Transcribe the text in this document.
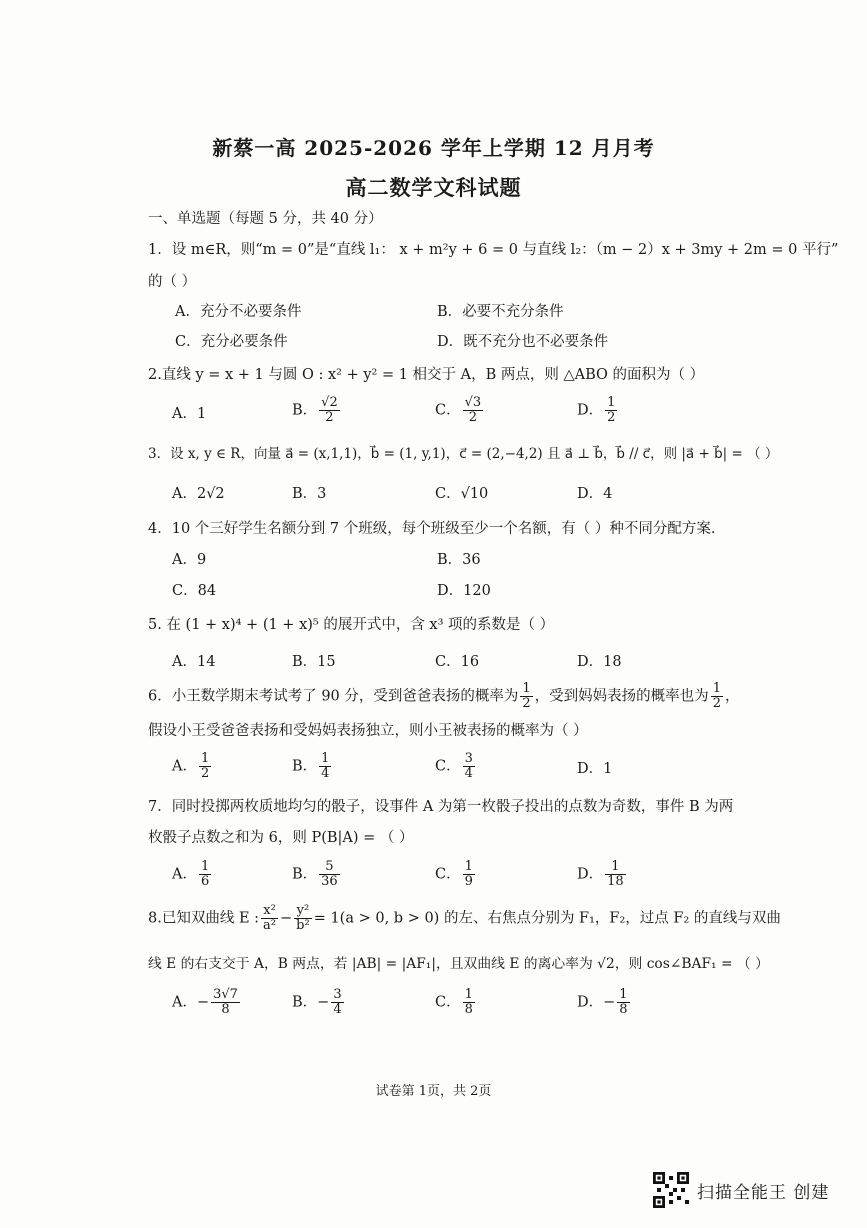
新蔡一高 2025-2026 学年上学期 12 月月考
高二数学文科试题
一、单选题（每题 5 分，共 40 分）
1．设 m∈R，则“m = 0”是“直线 l₁： x + m²y + 6 = 0 与直线 l₂：（m − 2）x + 3my + 2m = 0 平行”
的（ ）
A．充分不必要条件	B．必要不充分条件
C．充分必要条件	D．既不充分也不必要条件
2.直线 y = x + 1 与圆 O : x² + y² = 1 相交于 A，B 两点，则 △ABO 的面积为（ ）
A．1	B． $\frac{√2}{2}$	C． $\frac{√3}{2}$	D． $\frac{1}{2}$
3．设 x, y ∈ R，向量 a⃗ = (x,1,1)，b⃗ = (1, y,1)，c⃗ = (2,−4,2) 且 a⃗ ⊥ b⃗，b⃗ // c⃗，则 |a⃗ + b⃗| = （ ）
A．2√2	B．3	C．√10	D．4
4．10 个三好学生名额分到 7 个班级，每个班级至少一个名额，有（ ）种不同分配方案.
A．9	B．36
C．84	D．120
5. 在 (1 + x)⁴ + (1 + x)⁵ 的展开式中，含 x³ 项的系数是（ ）
A．14	B．15	C．16	D．18
6．小王数学期末考试考了 90 分，受到爸爸表扬的概率为 $\frac{1}{2}$ ，受到妈妈表扬的概率也为 $\frac{1}{2}$ ，
假设小王受爸爸表扬和受妈妈表扬独立，则小王被表扬的概率为（ ）
A． $\frac{1}{2}$	B． $\frac{1}{4}$	C． $\frac{3}{4}$	D．1
7．同时投掷两枚质地均匀的骰子，设事件 A 为第一枚骰子投出的点数为奇数，事件 B 为两
枚骰子点数之和为 6，则 P(B|A) = （ ）
A． $\frac{1}{6}$	B． $\frac{5}{36}$	C． $\frac{1}{9}$	D． $\frac{1}{18}$
8.已知双曲线 E : $\frac{\text{x²}}{\text{a²}} - \frac{\text{y²}}{\text{b²}} = 1(a > 0$, b > 0) 的左、右焦点分别为 F₁，F₂，过点 F₂ 的直线与双曲
线 E 的右支交于 A，B 两点，若 |AB| = |AF₁|，且双曲线 E 的离心率为 √2，则 cos∠BAF₁ = （ ）
A．− $\frac{3√7}{8}$	B．− $\frac{3}{4}$	C． $\frac{1}{8}$	D．− $\frac{1}{8}$
试卷第 1页，共 2页
扫描全能王 创建
